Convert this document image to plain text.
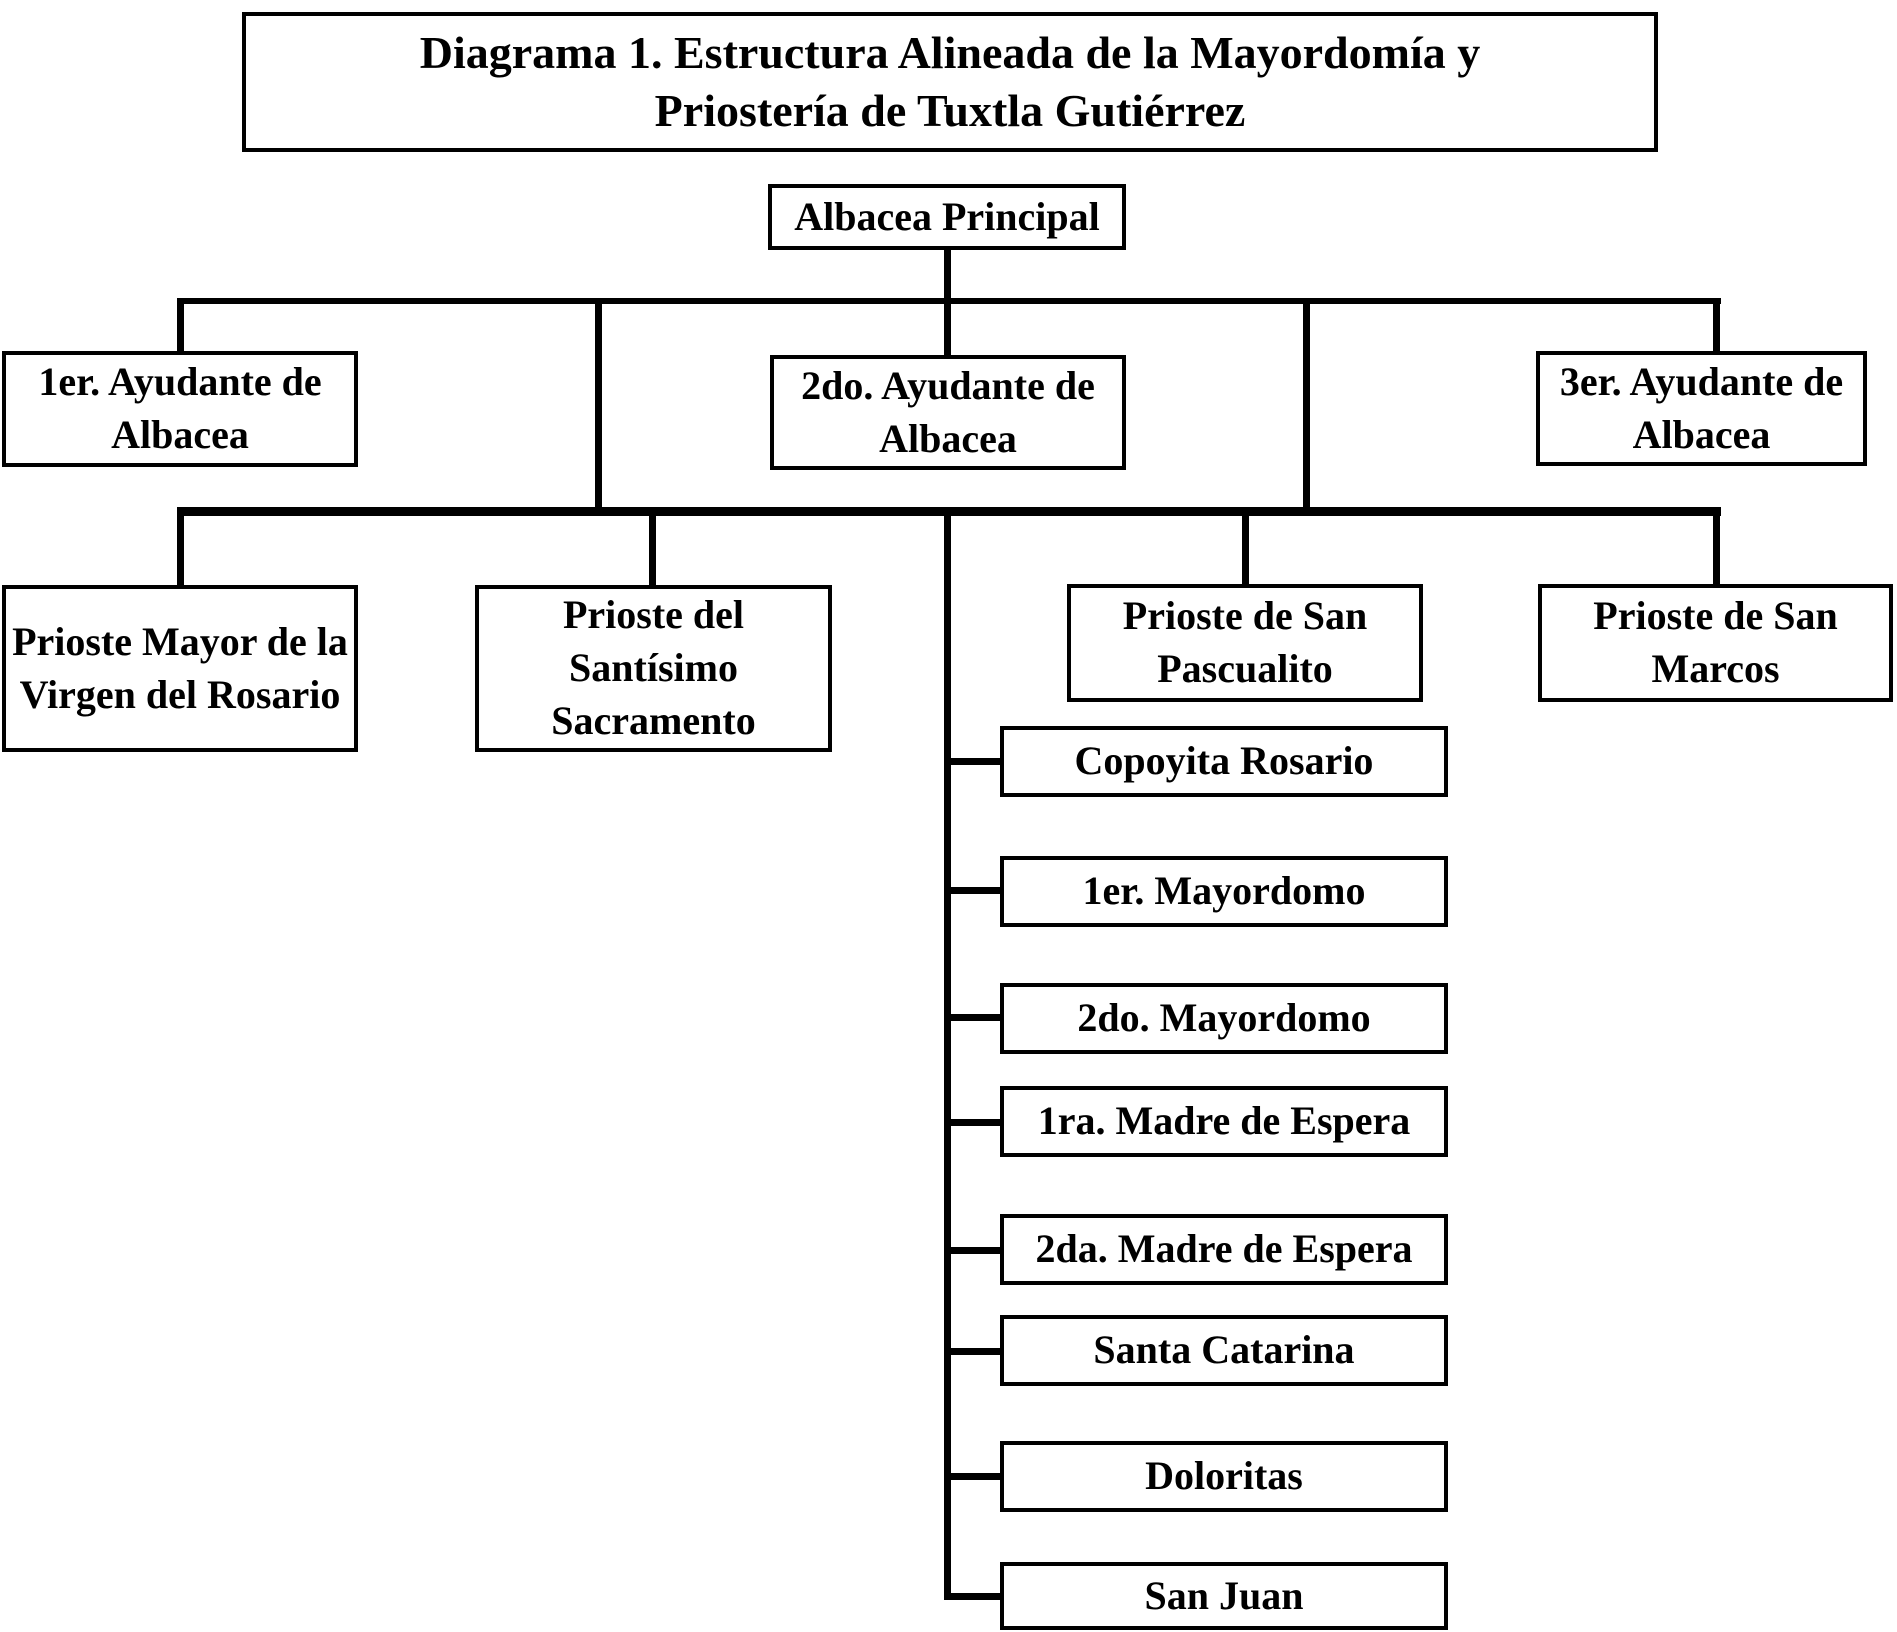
Diagrama 1. Estructura Alineada de la Mayordomía y
Priostería de Tuxtla Gutiérrez
Albacea Principal
1er. Ayudante de Albacea
2do. Ayudante de Albacea
3er. Ayudante de Albacea
Prioste Mayor de la Virgen del Rosario
Prioste del Santísimo Sacramento
Prioste de San Pascualito
Prioste de San Marcos
Copoyita Rosario
1er. Mayordomo
2do. Mayordomo
1ra. Madre de Espera
2da. Madre de Espera
Santa Catarina
Doloritas
San Juan
